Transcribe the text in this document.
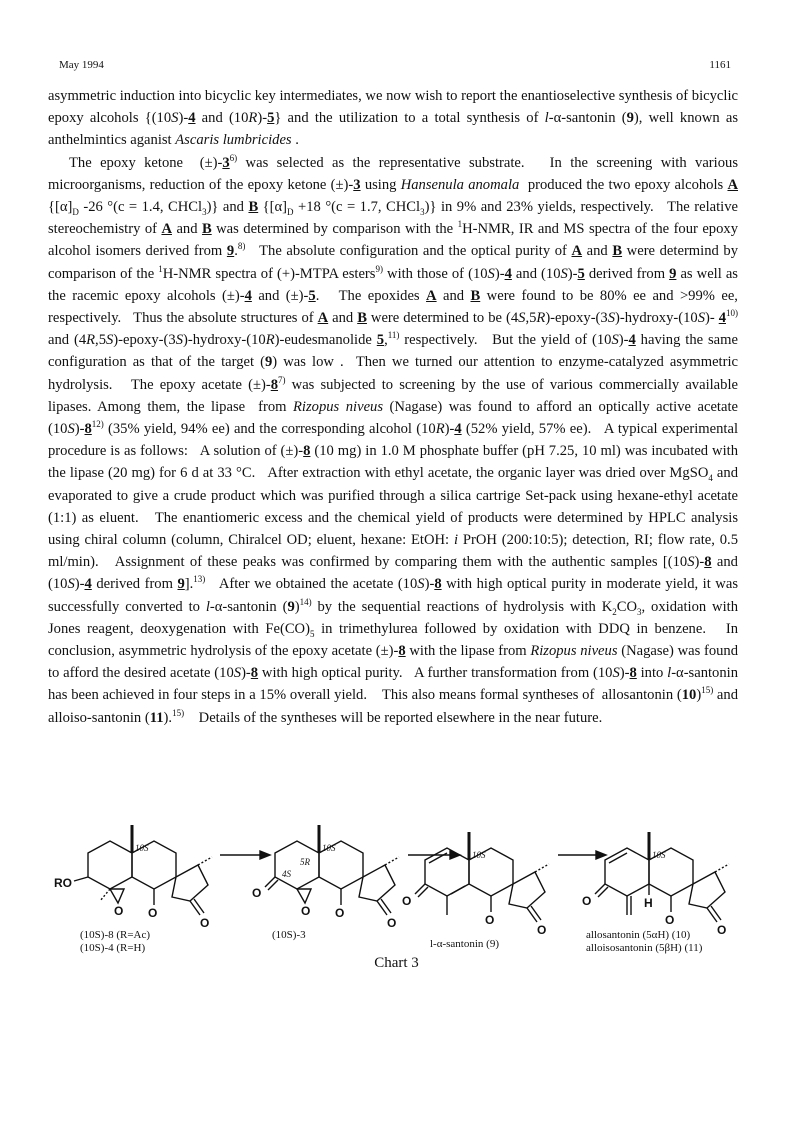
May 1994	1161

asymmetric induction into bicyclic key intermediates, we now wish to report the enantioselective synthesis of bicyclic epoxy alcohols {(10S)-4 and (10R)-5} and the utilization to a total synthesis of l-α-santonin (9), well known as anthelmintics aganist Ascaris lumbricides .

The epoxy ketone  $(\pm)-3^{6)}$ was selected as the representative substrate.   In the screening with various microorganisms, reduction of the epoxy ketone (±)-3 using Hansenula anomala  produced the two epoxy alcohols A {$[\alpha]_D$ -26 °(c = 1.4, CHCl$_3$)} and B {$[\alpha]_D +18$ °(c = 1.7, CHCl$_3$)} in 9% and 23% yields, respectively.   The relative stereochemistry of A and B was determined by comparison with the $^1$H-NMR, IR and MS spectra of the four epoxy alcohol isomers derived from 9.$^{8)}$   The absolute configuration and the optical purity of A and B were determind by comparison of the $^1$H-NMR spectra of (+)-MTPA esters$^{9)}$ with those of (10S)-4 and (10S)-5 derived from 9 as well as the racemic epoxy alcohols (±)-4 and (±)-5.   The epoxides A and B were found to be 80% ee and >99% ee, respectively.   Thus the absolute structures of A and B were determined to be (4S,5R)-epoxy-(3S)-hydroxy-(10S)- 4$^{10)}$ and (4R,5S)-epoxy-(3S)-hydroxy-(10R)-eudesmanolide 5,$^{11)}$ respectively.   But the yield of (10S)-4 having the same configuration as that of the target (9) was low .  Then we turned our attention to enzyme-catalyzed asymmetric hydrolysis.   The epoxy acetate $(\pm)-8^{7)}$ was subjected to screening by the use of various commercially available lipases. Among them, the lipase  from Rizopus niveus (Nagase) was found to afford an optically active acetate (10S)-8$^{12)}$ (35% yield, 94% ee) and the corresponding alcohol (10R)-4 (52% yield, 57% ee).   A typical experimental procedure is as follows:   A solution of (±)-8 (10 mg) in 1.0 M phosphate buffer (pH 7.25, 10 ml) was incubated with the lipase (20 mg) for 6 d at 33 °C.   After extraction with ethyl acetate, the organic layer was dried over MgSO$_4$ and evaporated to give a crude product which was purified through a silica cartrige Set-pack using hexane-ethyl acetate (1:1) as eluent.   The enantiomeric excess and the chemical yield of products were determined by HPLC analysis using chiral column (column, Chiralcel OD; eluent, hexane: EtOH: i PrOH (200:10:5); detection, RI; flow rate, 0.5 ml/min).   Assignment of these peaks was confirmed by comparing them with the authentic samples [(10S)-8 and (10S)-4 derived from 9].$^{13)}$   After we obtained the acetate (10S)-8 with high optical purity in moderate yield, it was successfully converted to l-α-santonin $(9)^{14)}$ by the sequential reactions of hydrolysis with $K_2CO_3$, oxidation with Jones reagent, deoxygenation with $Fe(CO)_5$ in trimethylurea followed by oxidation with DDQ in benzene.   In conclusion, asymmetric hydrolysis of the epoxy acetate (±)-8 with the lipase from Rizopus niveus (Nagase) was found to afford the desired acetate (10S)-8 with high optical purity.   A further transformation from (10S)-8 into l-α-santonin has been achieved in four steps in a 15% overall yield.    This also means formal syntheses of  allosantonin $(10)^{15)}$ and alloiso-santonin (11).$^{15)}$    Details of the syntheses will be reported elsewhere in the near future.

10S
RO
O O
O
10S
5R
4S
O
O O
O
10S
O
O
O
10S
H
O
O
O
(10S)-8 (R=Ac)
(10S)-4 (R=H)
(10S)-3
l-α-santonin (9)
allosantonin (5αH) (10)
alloisosantonin (5βH) (11)
Chart 3
